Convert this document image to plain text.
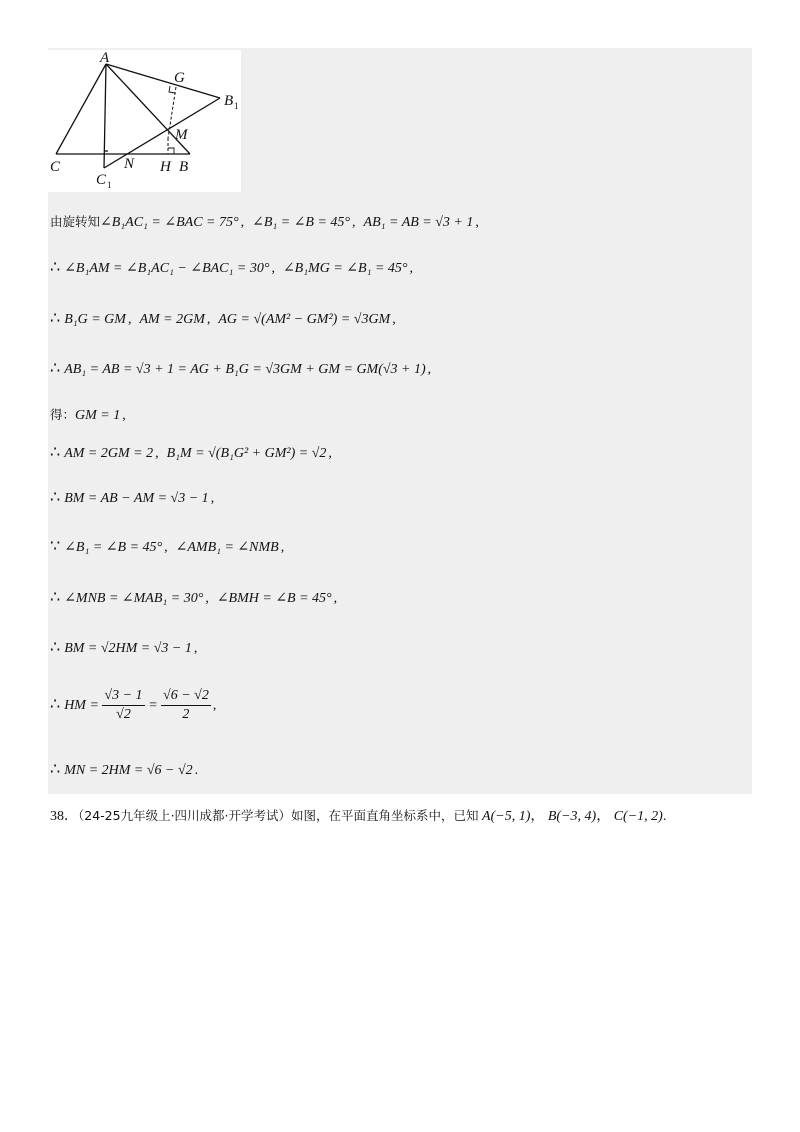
A
G
B 1
M
C
C 1
N H B
由旋转知∠B₁AC₁ = ∠BAC = 75° , ∠B₁ = ∠B = 45° , AB₁ = AB = √3 + 1 ,
∴ ∠B₁AM = ∠B₁AC₁ − ∠BAC₁ = 30° , ∠B₁MG = ∠B₁ = 45° ,
∴ B₁G = GM , AM = 2GM , AG = √(AM² − GM²) = √3GM ,
∴ AB₁ = AB = √3 + 1 = AG + B₁G = √3GM + GM = GM(√3 + 1) ,
得：GM = 1 ,
∴ AM = 2GM = 2 , B₁M = √(B₁G² + GM²) = √2 ,
∴ BM = AB − AM = √3 − 1 ,
∵ ∠B₁ = ∠B = 45° , ∠AMB₁ = ∠NMB ,
∴ ∠MNB = ∠MAB₁ = 30° , ∠BMH = ∠B = 45° ,
∴ BM = √2HM = √3 − 1 ,
∴ HM = $\frac{√3 - 1}{√2} = \frac{√6 - √2}{2}$ ,
∴ MN = 2HM = √6 − √2 .
38．（24-25九年级上·四川成都·开学考试）如图，在平面直角坐标系中，已知 A(−5, 1)， B(−3, 4)， C(−1, 2).
